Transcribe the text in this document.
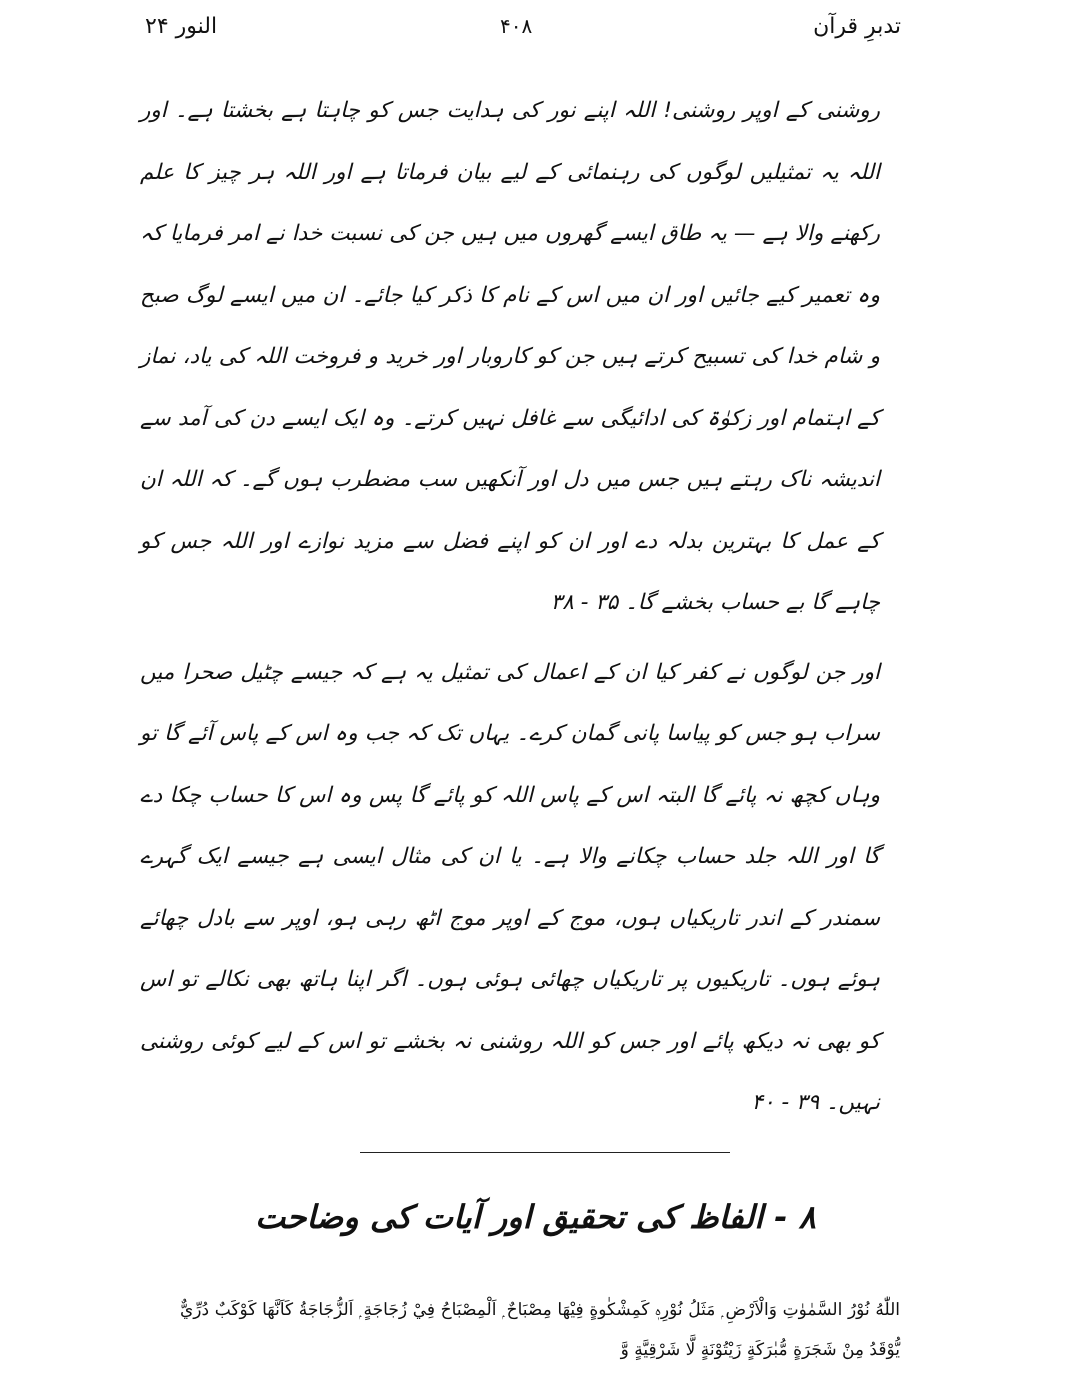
تدبرِ قرآن
۴۰۸
النور ۲۴

روشنی کے اوپر روشنی! اللہ اپنے نور کی ہدایت جس کو چاہتا ہے بخشتا ہے۔ اور اللہ یہ تمثیلیں لوگوں کی رہنمائی کے لیے بیان فرماتا ہے اور اللہ ہر چیز کا علم رکھنے والا ہے — یہ طاق ایسے گھروں میں ہیں جن کی نسبت خدا نے امر فرمایا کہ وہ تعمیر کیے جائیں اور ان میں اس کے نام کا ذکر کیا جائے۔ ان میں ایسے لوگ صبح و شام خدا کی تسبیح کرتے ہیں جن کو کاروبار اور خرید و فروخت اللہ کی یاد، نماز کے اہتمام اور زکوٰۃ کی ادائیگی سے غافل نہیں کرتے۔ وہ ایک ایسے دن کی آمد سے اندیشہ ناک رہتے ہیں جس میں دل اور آنکھیں سب مضطرب ہوں گے۔ کہ اللہ ان کے عمل کا بہترین بدلہ دے اور ان کو اپنے فضل سے مزید نوازے اور اللہ جس کو چاہے گا بے حساب بخشے گا۔ ۳۵ - ۳۸

اور جن لوگوں نے کفر کیا ان کے اعمال کی تمثیل یہ ہے کہ جیسے چٹیل صحرا میں سراب ہو جس کو پیاسا پانی گمان کرے۔ یہاں تک کہ جب وہ اس کے پاس آئے گا تو وہاں کچھ نہ پائے گا البتہ اس کے پاس اللہ کو پائے گا پس وہ اس کا حساب چکا دے گا اور اللہ جلد حساب چکانے والا ہے۔ یا ان کی مثال ایسی ہے جیسے ایک گہرے سمندر کے اندر تاریکیاں ہوں، موج کے اوپر موج اٹھ رہی ہو، اوپر سے بادل چھائے ہوئے ہوں۔ تاریکیوں پر تاریکیاں چھائی ہوئی ہوں۔ اگر اپنا ہاتھ بھی نکالے تو اس کو بھی نہ دیکھ پائے اور جس کو اللہ روشنی نہ بخشے تو اس کے لیے کوئی روشنی نہیں۔ ۳۹ - ۴۰

۸ - الفاظ کی تحقیق اور آیات کی وضاحت

اللّٰهُ نُوْرُ السَّمٰوٰتِ وَالْاَرْضِ ۭ مَثَلُ نُوْرِهٖ كَمِشْكٰوةٍ فِيْهَا مِصْبَاحٌ ۭ اَلْمِصْبَاحُ فِيْ زُجَاجَةٍ ۭ اَلزُّجَاجَةُ كَاَنَّهَا كَوْكَبٌ دُرِّيٌّ يُّوْقَدُ مِنْ شَجَرَةٍ مُّبٰرَكَةٍ زَيْتُوْنَةٍ لَّا شَرْقِيَّةٍ وَّ
